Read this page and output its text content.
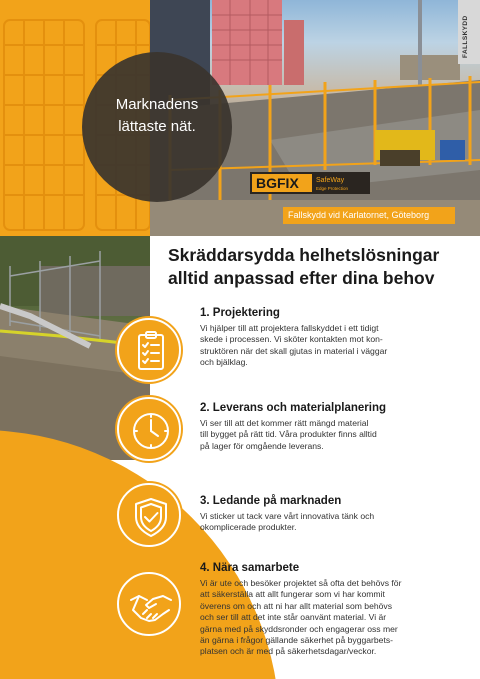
BGFIX SafeWay
Edge Protection
FALLSKYDD
Marknadens
lättaste nät.
Fallskydd vid Karlatornet, Göteborg
Skräddarsydda helhetslösningar
alltid anpassad efter dina behov
1. Projektering

Vi hjälper till att projektera fallskyddet i ett tidigt
skede i processen. Vi sköter kontakten mot kon-
struktören när det skall gjutas in material i väggar
och bjälklag.

2. Leverans och materialplanering

Vi ser till att det kommer rätt mängd material
till bygget på rätt tid. Våra produkter finns alltid
på lager för omgående leverans.

3. Ledande på marknaden

Vi sticker ut tack vare vårt innovativa tänk och
okomplicerade produkter.

4. Nära samarbete

Vi är ute och besöker projektet så ofta det behövs för
att säkerställa att allt fungerar som vi har kommit
överens om och att ni har allt material som behövs
och ser till att det inte står oanvänt material. Vi är
gärna med på skyddsronder och engagerar oss mer
än gärna i frågor gällande säkerhet på byggarbets-
platsen och är med på säkerhetsdagar/veckor.
